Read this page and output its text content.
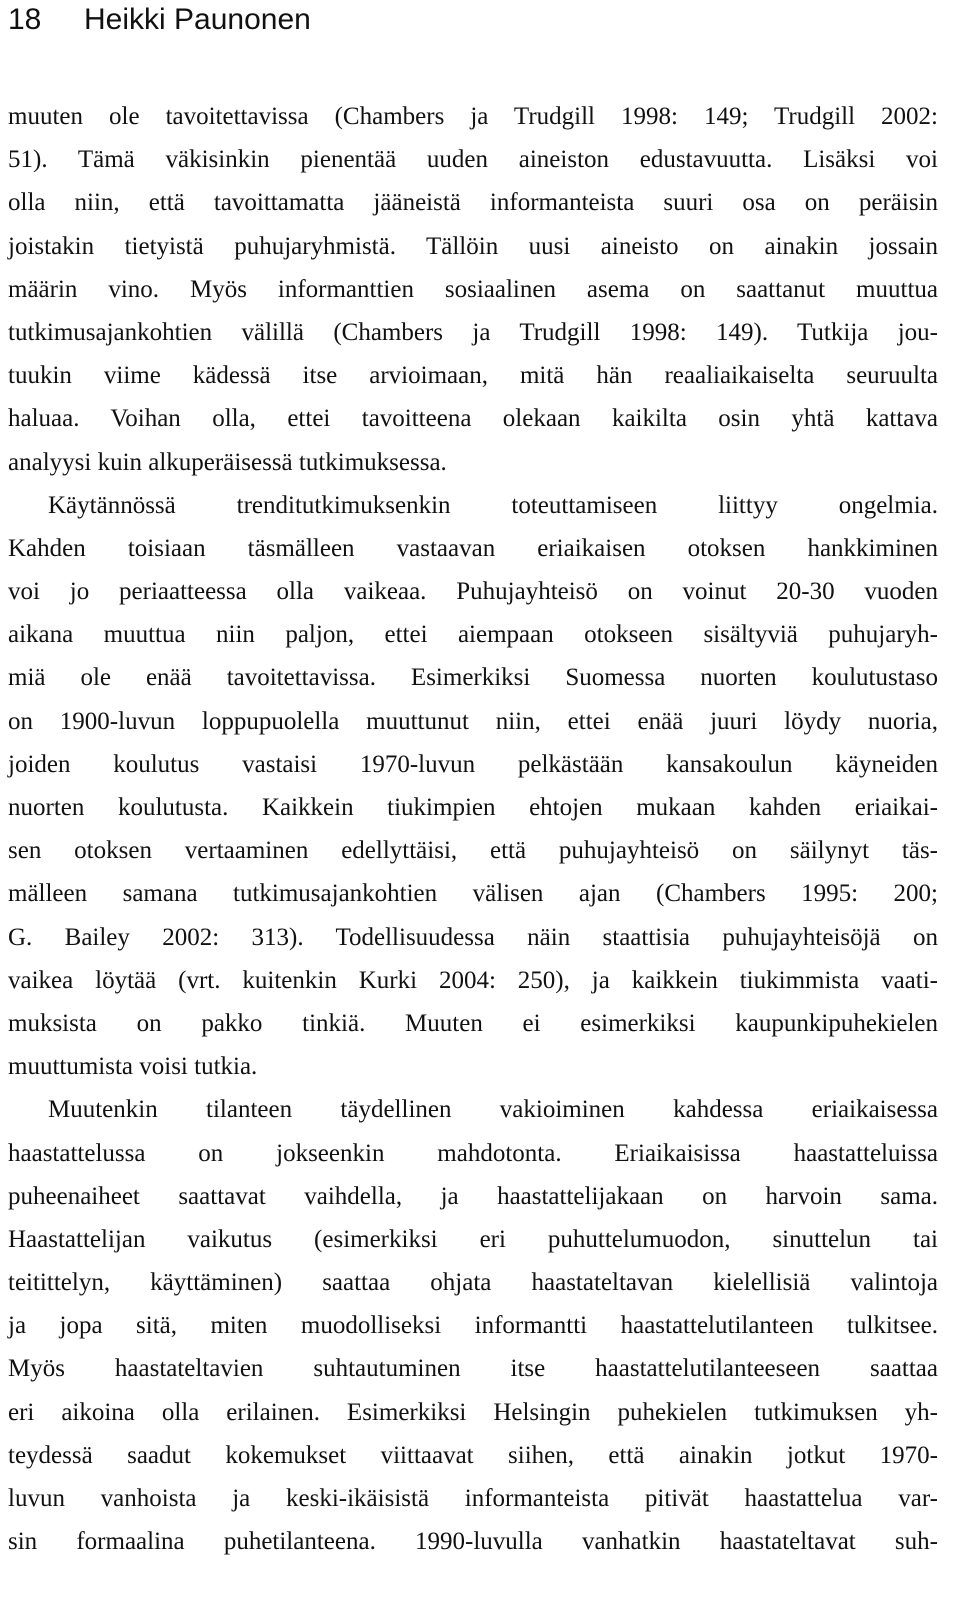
18 Heikki Paunonen
muuten ole tavoitettavissa (Chambers ja Trudgill 1998: 149; Trudgill 2002:
51). Tämä väkisinkin pienentää uuden aineiston edustavuutta. Lisäksi voi
olla niin, että tavoittamatta jääneistä informanteista suuri osa on peräisin
joistakin tietyistä puhujaryhmistä. Tällöin uusi aineisto on ainakin jossain
määrin vino. Myös informanttien sosiaalinen asema on saattanut muuttua
tutkimusajankohtien välillä (Chambers ja Trudgill 1998: 149). Tutkija jou-
tuukin viime kädessä itse arvioimaan, mitä hän reaaliaikaiselta seuruulta
haluaa. Voihan olla, ettei tavoitteena olekaan kaikilta osin yhtä kattava
analyysi kuin alkuperäisessä tutkimuksessa.
Käytännössä trenditutkimuksenkin toteuttamiseen liittyy ongelmia.
Kahden toisiaan täsmälleen vastaavan eriaikaisen otoksen hankkiminen
voi jo periaatteessa olla vaikeaa. Puhujayhteisö on voinut 20-30 vuoden
aikana muuttua niin paljon, ettei aiempaan otokseen sisältyviä puhujaryh-
miä ole enää tavoitettavissa. Esimerkiksi Suomessa nuorten koulutustaso
on 1900-luvun loppupuolella muuttunut niin, ettei enää juuri löydy nuoria,
joiden koulutus vastaisi 1970-luvun pelkästään kansakoulun käyneiden
nuorten koulutusta. Kaikkein tiukimpien ehtojen mukaan kahden eriaikai-
sen otoksen vertaaminen edellyttäisi, että puhujayhteisö on säilynyt täs-
mälleen samana tutkimusajankohtien välisen ajan (Chambers 1995: 200;
G. Bailey 2002: 313). Todellisuudessa näin staattisia puhujayhteisöjä on
vaikea löytää (vrt. kuitenkin Kurki 2004: 250), ja kaikkein tiukimmista vaati-
muksista on pakko tinkiä. Muuten ei esimerkiksi kaupunkipuhekielen
muuttumista voisi tutkia.
Muutenkin tilanteen täydellinen vakioiminen kahdessa eriaikaisessa
haastattelussa on jokseenkin mahdotonta. Eriaikaisissa haastatteluissa
puheenaiheet saattavat vaihdella, ja haastattelijakaan on harvoin sama.
Haastattelijan vaikutus (esimerkiksi eri puhuttelumuodon, sinuttelun tai
teitittelyn, käyttäminen) saattaa ohjata haastateltavan kielellisiä valintoja
ja jopa sitä, miten muodolliseksi informantti haastattelutilanteen tulkitsee.
Myös haastateltavien suhtautuminen itse haastattelutilanteeseen saattaa
eri aikoina olla erilainen. Esimerkiksi Helsingin puhekielen tutkimuksen yh-
teydessä saadut kokemukset viittaavat siihen, että ainakin jotkut 1970-
luvun vanhoista ja keski-ikäisistä informanteista pitivät haastattelua var-
sin formaalina puhetilanteena. 1990-luvulla vanhatkin haastateltavat suh-
